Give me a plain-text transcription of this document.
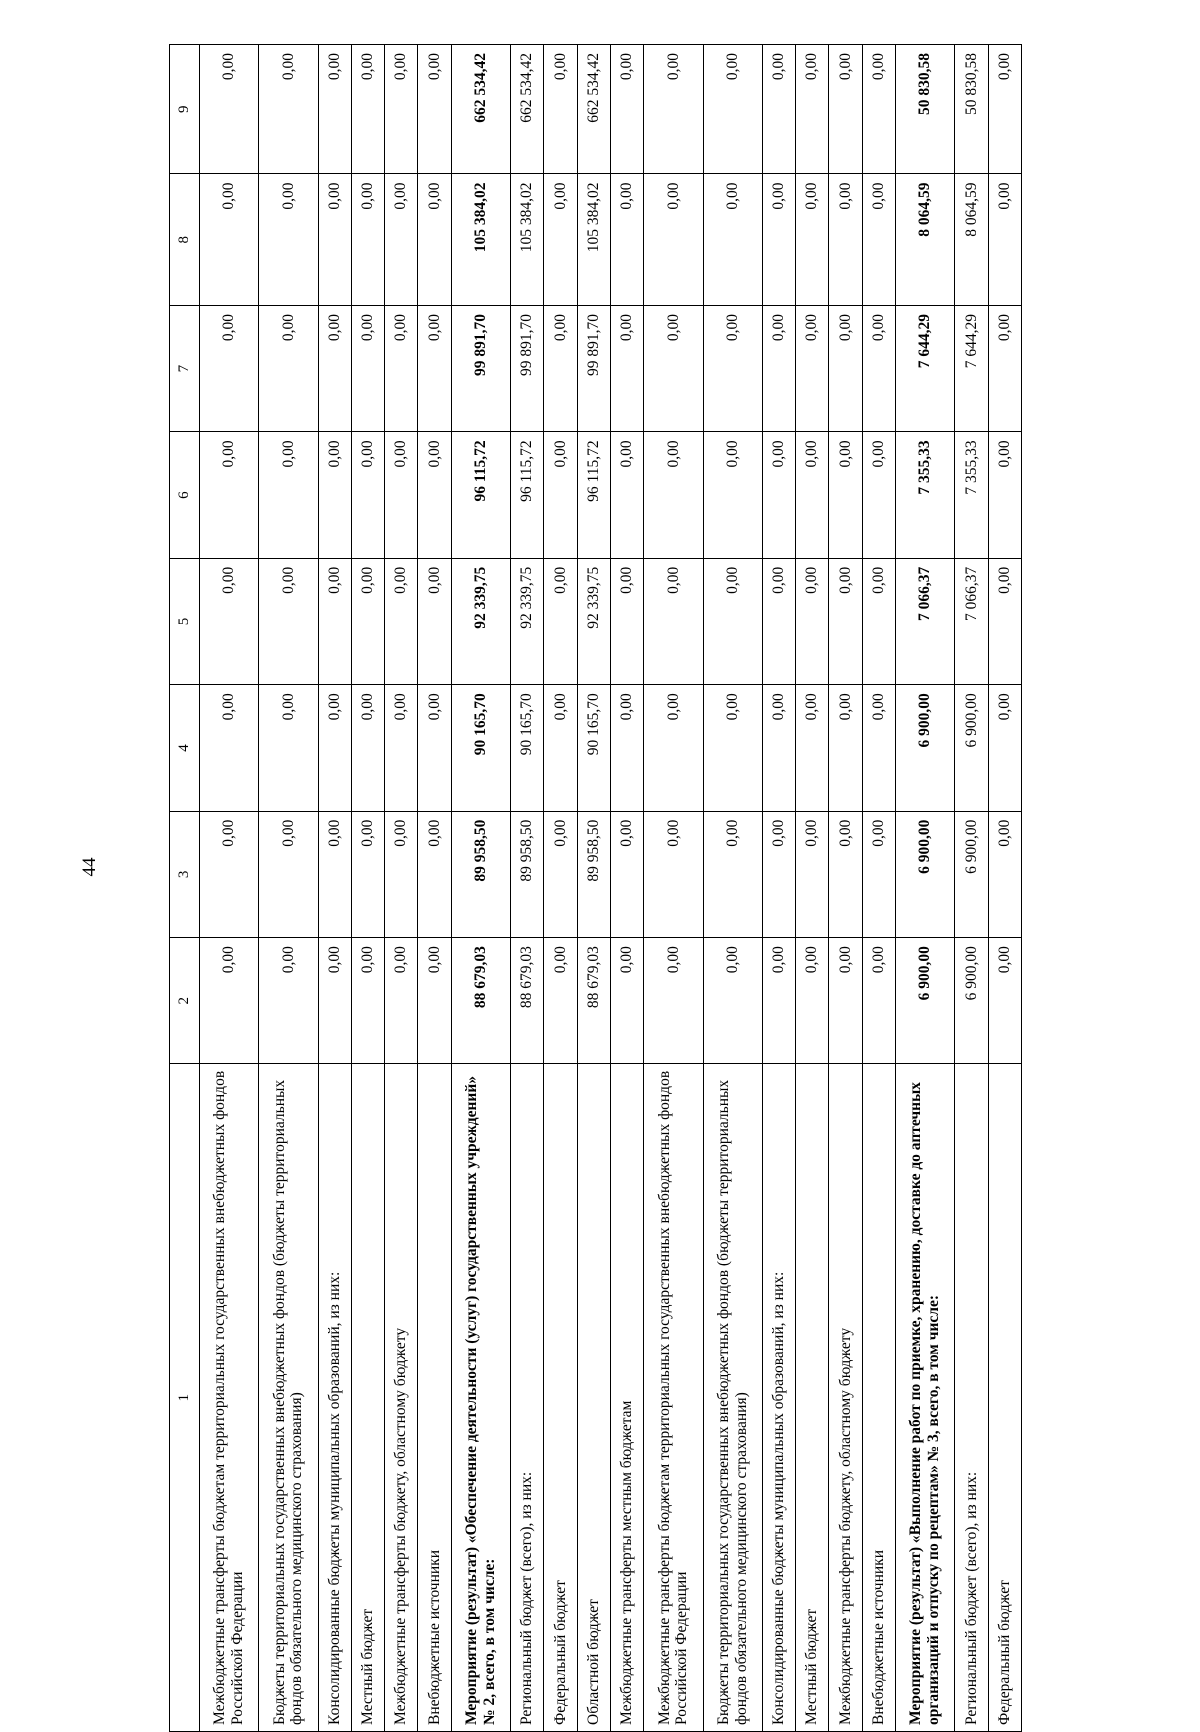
44
1	2	3	4	5	6	7	8	9
Межбюджетные трансферты бюджетам территориальных государственных внебюджетных фондов Российской Федерации	0,00	0,00	0,00	0,00	0,00	0,00	0,00	0,00
Бюджеты территориальных государственных внебюджетных фондов (бюджеты территориальных фондов обязательного медицинского страхования)	0,00	0,00	0,00	0,00	0,00	0,00	0,00	0,00
Консолидированные бюджеты муниципальных образований, из них:	0,00	0,00	0,00	0,00	0,00	0,00	0,00	0,00
Местный бюджет	0,00	0,00	0,00	0,00	0,00	0,00	0,00	0,00
Межбюджетные трансферты бюджету, областному бюджету	0,00	0,00	0,00	0,00	0,00	0,00	0,00	0,00
Внебюджетные источники	0,00	0,00	0,00	0,00	0,00	0,00	0,00	0,00
Мероприятие (результат) «Обеспечение деятельности (услуг) государственных учреждений» № 2, всего, в том числе:	88 679,03	89 958,50	90 165,70	92 339,75	96 115,72	99 891,70	105 384,02	662 534,42
Региональный бюджет (всего), из них:	88 679,03	89 958,50	90 165,70	92 339,75	96 115,72	99 891,70	105 384,02	662 534,42
Федеральный бюджет	0,00	0,00	0,00	0,00	0,00	0,00	0,00	0,00
Областной бюджет	88 679,03	89 958,50	90 165,70	92 339,75	96 115,72	99 891,70	105 384,02	662 534,42
Межбюджетные трансферты местным бюджетам	0,00	0,00	0,00	0,00	0,00	0,00	0,00	0,00
Межбюджетные трансферты бюджетам территориальных государственных внебюджетных фондов Российской Федерации	0,00	0,00	0,00	0,00	0,00	0,00	0,00	0,00
Бюджеты территориальных государственных внебюджетных фондов (бюджеты территориальных фондов обязательного медицинского страхования)	0,00	0,00	0,00	0,00	0,00	0,00	0,00	0,00
Консолидированные бюджеты муниципальных образований, из них:	0,00	0,00	0,00	0,00	0,00	0,00	0,00	0,00
Местный бюджет	0,00	0,00	0,00	0,00	0,00	0,00	0,00	0,00
Межбюджетные трансферты бюджету, областному бюджету	0,00	0,00	0,00	0,00	0,00	0,00	0,00	0,00
Внебюджетные источники	0,00	0,00	0,00	0,00	0,00	0,00	0,00	0,00
Мероприятие (результат) «Выполнение работ по приемке, хранению, доставке до аптечных организаций и отпуску по рецептам» № 3, всего, в том числе:	6 900,00	6 900,00	6 900,00	7 066,37	7 355,33	7 644,29	8 064,59	50 830,58
Региональный бюджет (всего), из них:	6 900,00	6 900,00	6 900,00	7 066,37	7 355,33	7 644,29	8 064,59	50 830,58
Федеральный бюджет	0,00	0,00	0,00	0,00	0,00	0,00	0,00	0,00
